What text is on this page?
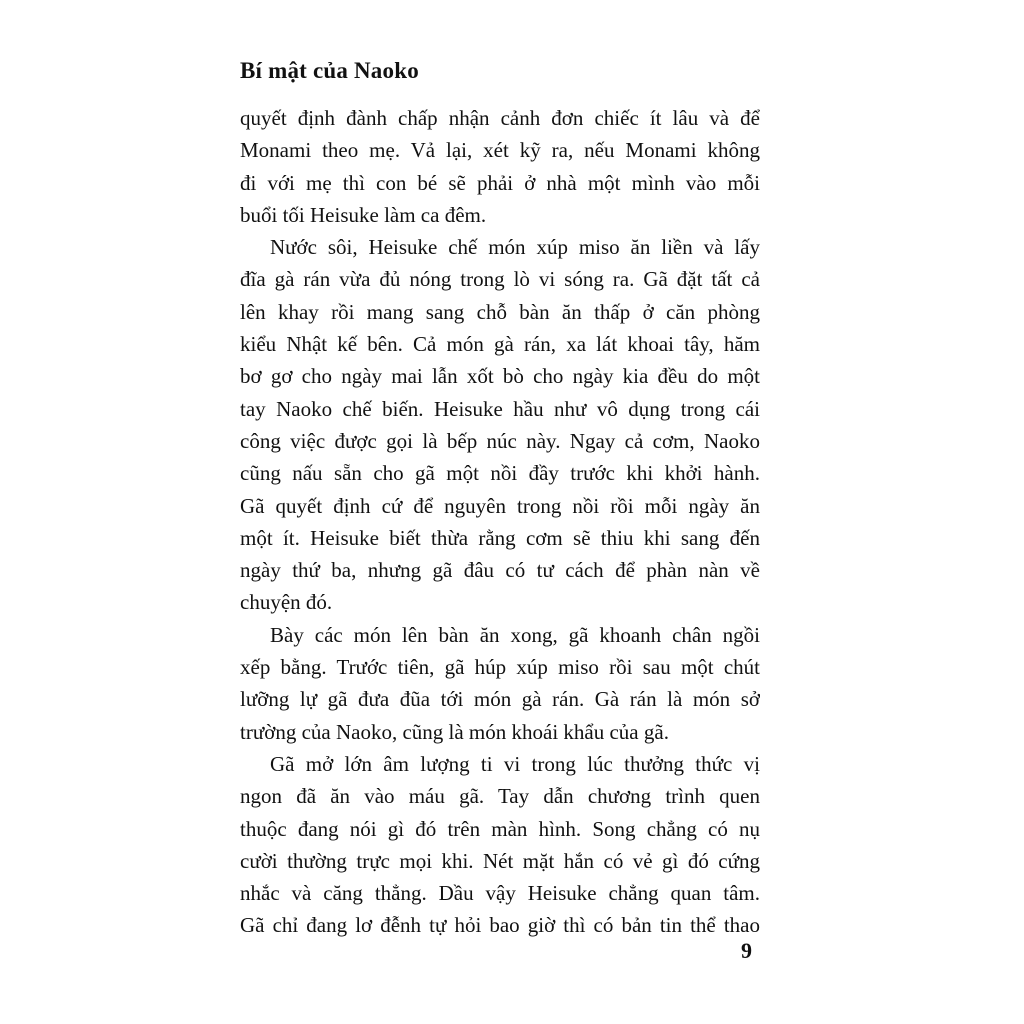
Bí mật của Naoko
quyết định đành chấp nhận cảnh đơn chiếc ít lâu và để
Monami theo mẹ. Vả lại, xét kỹ ra, nếu Monami không
đi với mẹ thì con bé sẽ phải ở nhà một mình vào mỗi
buổi tối Heisuke làm ca đêm.
Nước sôi, Heisuke chế món xúp miso ăn liền và lấy
đĩa gà rán vừa đủ nóng trong lò vi sóng ra. Gã đặt tất cả
lên khay rồi mang sang chỗ bàn ăn thấp ở căn phòng
kiểu Nhật kế bên. Cả món gà rán, xa lát khoai tây, hăm
bơ gơ cho ngày mai lẫn xốt bò cho ngày kia đều do một
tay Naoko chế biến. Heisuke hầu như vô dụng trong cái
công việc được gọi là bếp núc này. Ngay cả cơm, Naoko
cũng nấu sẵn cho gã một nồi đầy trước khi khởi hành.
Gã quyết định cứ để nguyên trong nồi rồi mỗi ngày ăn
một ít. Heisuke biết thừa rằng cơm sẽ thiu khi sang đến
ngày thứ ba, nhưng gã đâu có tư cách để phàn nàn về
chuyện đó.
Bày các món lên bàn ăn xong, gã khoanh chân ngồi
xếp bằng. Trước tiên, gã húp xúp miso rồi sau một chút
lưỡng lự gã đưa đũa tới món gà rán. Gà rán là món sở
trường của Naoko, cũng là món khoái khẩu của gã.
Gã mở lớn âm lượng ti vi trong lúc thưởng thức vị
ngon đã ăn vào máu gã. Tay dẫn chương trình quen
thuộc đang nói gì đó trên màn hình. Song chẳng có nụ
cười thường trực mọi khi. Nét mặt hắn có vẻ gì đó cứng
nhắc và căng thẳng. Dầu vậy Heisuke chẳng quan tâm.
Gã chỉ đang lơ đễnh tự hỏi bao giờ thì có bản tin thể thao
9
